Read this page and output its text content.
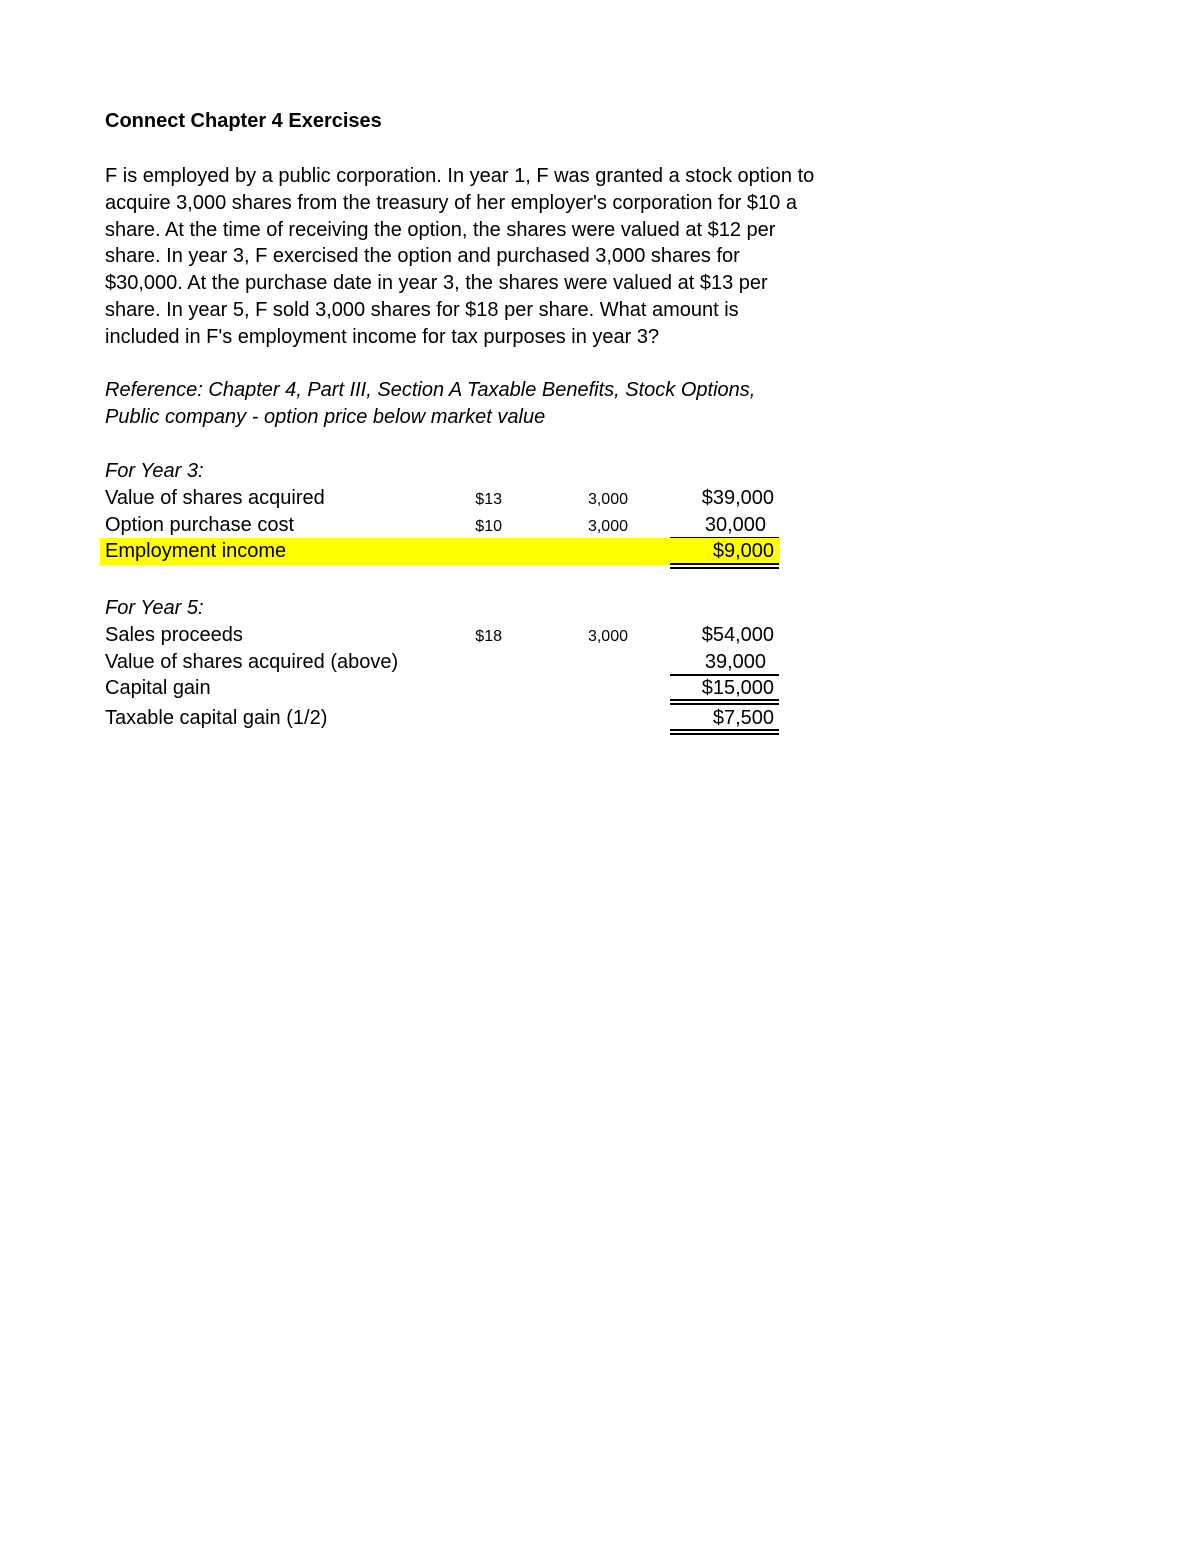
Connect Chapter 4 Exercises
F is employed by a public corporation. In year 1, F was granted a stock option to
acquire 3,000 shares from the treasury of her employer's corporation for $10 a
share. At the time of receiving the option, the shares were valued at $12 per
share. In year 3, F exercised the option and purchased 3,000 shares for
$30,000. At the purchase date in year 3, the shares were valued at $13 per
share. In year 5, F sold 3,000 shares for $18 per share. What amount is
included in F's employment income for tax purposes in year 3?
Reference: Chapter 4, Part III, Section A Taxable Benefits, Stock Options,
Public company - option price below market value
For Year 3:
Value of shares acquired	$13	3,000	$39,000
Option purchase cost	$10	3,000	30,000
Employment income	$9,000
For Year 5:
Sales proceeds	$18	3,000	$54,000
Value of shares acquired (above)	39,000
Capital gain	$15,000
Taxable capital gain (1/2)	$7,500
